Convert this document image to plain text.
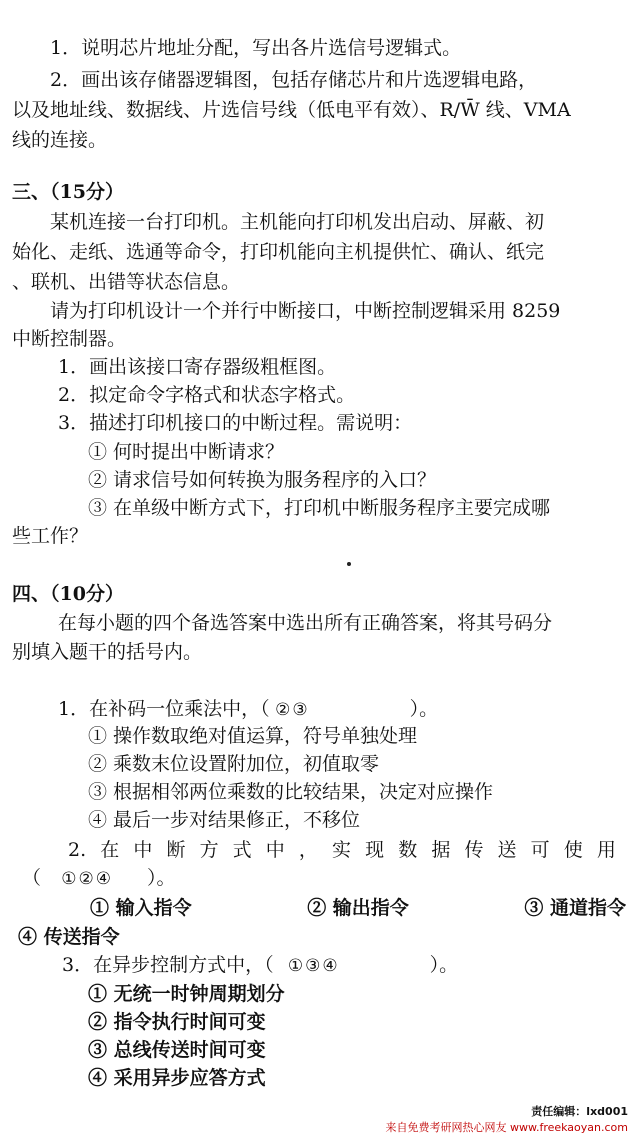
1．说明芯片地址分配，写出各片选信号逻辑式。
2．画出该存储器逻辑图，包括存储芯片和片选逻辑电路，
以及地址线、数据线、片选信号线（低电平有效）、R/W̄ 线、VMA
线的连接。
三、（15分）
某机连接一台打印机。主机能向打印机发出启动、屏蔽、初
始化、走纸、选通等命令，打印机能向主机提供忙、确认、纸完
、联机、出错等状态信息。
请为打印机设计一个并行中断接口，中断控制逻辑采用 8259
中断控制器。
1．画出该接口寄存器级粗框图。
2．拟定命令字格式和状态字格式。
3．描述打印机接口的中断过程。需说明：
① 何时提出中断请求？
② 请求信号如何转换为服务程序的入口？
③ 在单级中断方式下，打印机中断服务程序主要完成哪
些工作？
四、（10分）
在每小题的四个备选答案中选出所有正确答案，将其号码分
别填入题干的括号内。
1．在补码一位乘法中，（ ②③	）。
① 操作数取绝对值运算，符号单独处理
② 乘数末位设置附加位，初值取零
③ 根据相邻两位乘数的比较结果，决定对应操作
④ 最后一步对结果修正，不移位
2. 在 中 断 方 式 中 ， 实 现 数 据 传 送 可 使 用
（ ①②④ ）。
① 输入指令	② 输出指令	③ 通道指令
④ 传送指令
3．在异步控制方式中，（ ①③④	）。
① 无统一时钟周期划分
② 指令执行时间可变
③ 总线传送时间可变
④ 采用异步应答方式
责任编辑：lxd001
来自免费考研网热心网友 www.freekaoyan.com
